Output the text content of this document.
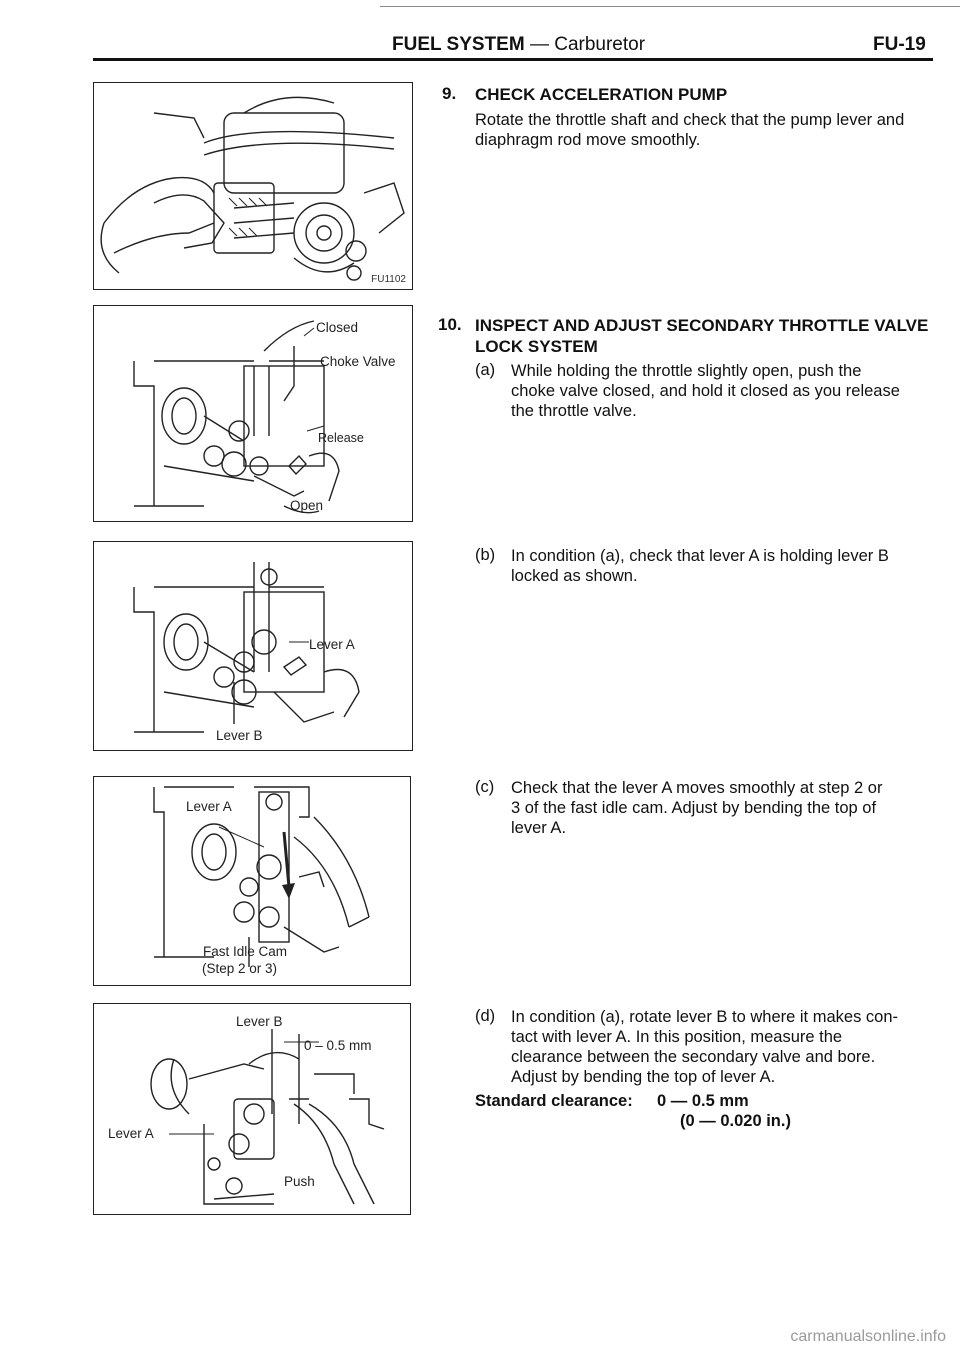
FUEL SYSTEM — Carburetor	FU-19
FU1102
Closed
Choke Valve
Release
Open
Lever A
Lever B
Lever A
Fast Idle Cam
(Step 2 or 3)
Lever B
0 – 0.5 mm
Lever A
Push
9. CHECK ACCELERATION PUMP
Rotate the throttle shaft and check that the pump lever and
diaphragm rod move smoothly.
10. INSPECT AND ADJUST SECONDARY THROTTLE VALVE
LOCK SYSTEM
(a) While holding the throttle slightly open, push the
choke valve closed, and hold it closed as you release
the throttle valve.
(b) In condition (a), check that lever A is holding lever B
locked as shown.
(c) Check that the lever A moves smoothly at step 2 or
3 of the fast idle cam. Adjust by bending the top of
lever A.
(d) In condition (a), rotate lever B to where it makes con-
tact with lever A. In this position, measure the
clearance between the secondary valve and bore.
Adjust by bending the top of lever A.
Standard clearance: 0 — 0.5 mm
(0 — 0.020 in.)
carmanualsonline.info
